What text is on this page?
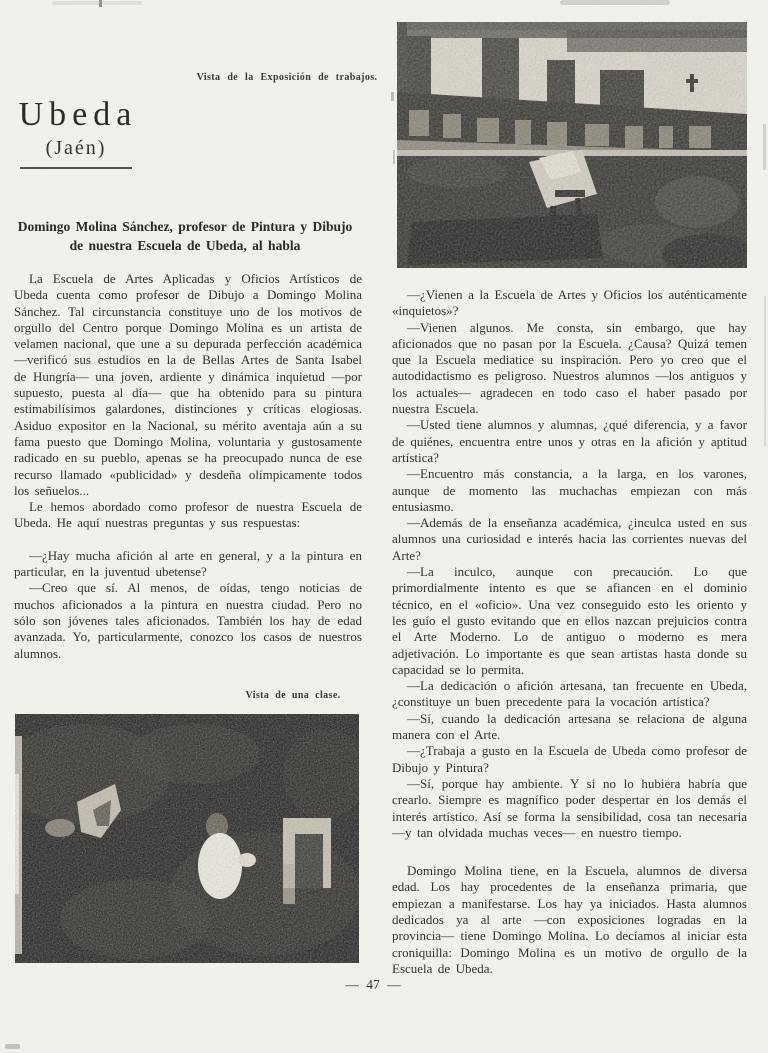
Vista de la Exposición de trabajos.
Ubeda
(Jaén)
Domingo Molina Sánchez, profesor de Pintura y Dibujo
de nuestra Escuela de Ubeda, al habla

La Escuela de Artes Aplicadas y Oficios Artísticos de Ubeda cuenta como profesor de Dibujo a Domingo Molina Sánchez. Tal circunstancia constituye uno de los motivos de orgullo del Centro porque Domingo Molina es un artista de velamen nacional, que une a su depurada perfección académica —verificó sus estudios en la de Bellas Artes de Santa Isabel de Hungría— una joven, ardiente y dinámica inquietud —por supuesto, puesta al día— que ha obtenido para su pintura estimabilísimos galardones, distinciones y críticas elogiosas. Asiduo expositor en la Nacional, su mérito aventaja aún a su fama puesto que Domingo Molina, voluntaria y gustosamente radicado en su pueblo, apenas se ha preocupado nunca de ese recurso llamado «publicidad» y desdeña olímpicamente todos los señuelos...

Le hemos abordado como profesor de nuestra Escuela de Ubeda. He aquí nuestras preguntas y sus respuestas:

—¿Hay mucha afición al arte en general, y a la pintura en particular, en la juventud ubetense?

—Creo que sí. Al menos, de oídas, tengo noticias de muchos aficionados a la pintura en nuestra ciudad. Pero no sólo son jóvenes tales aficionados. También los hay de edad avanzada. Yo, particularmente, conozco los casos de nuestros alumnos.

Vista de una clase.

—¿Vienen a la Escuela de Artes y Oficios los auténticamente «inquietos»?

—Vienen algunos. Me consta, sin embargo, que hay aficionados que no pasan por la Escuela. ¿Causa? Quizá temen que la Escuela mediatice su inspiración. Pero yo creo que el autodidactismo es peligroso. Nuestros alumnos —los antiguos y los actuales— agradecen en todo caso el haber pasado por nuestra Escuela.

—Usted tiene alumnos y alumnas, ¿qué diferencia, y a favor de quiénes, encuentra entre unos y otras en la afición y aptitud artística?

—Encuentro más constancia, a la larga, en los varones, aunque de momento las muchachas empiezan con más entusiasmo.

—Además de la enseñanza académica, ¿inculca usted en sus alumnos una curiosidad e interés hacia las corrientes nuevas del Arte?

—La inculco, aunque con precaución. Lo que primordialmente intento es que se afiancen en el dominio técnico, en el «oficio». Una vez conseguido esto les oriento y les guío el gusto evitando que en ellos nazcan prejuicios contra el Arte Moderno. Lo de antiguo o moderno es mera adjetivación. Lo importante es que sean artistas hasta donde su capacidad se lo permita.

—La dedicación o afición artesana, tan frecuente en Ubeda, ¿constituye un buen precedente para la vocación artística?

—Sí, cuando la dedicación artesana se relaciona de alguna manera con el Arte.

—¿Trabaja a gusto en la Escuela de Ubeda como profesor de Dibujo y Pintura?

—Sí, porque hay ambiente. Y si no lo hubiera habría que crearlo. Siempre es magnífico poder despertar en los demás el interés artístico. Así se forma la sensibilidad, cosa tan necesaria —y tan olvidada muchas veces— en nuestro tiempo.

Domingo Molina tiene, en la Escuela, alumnos de diversa edad. Los hay procedentes de la enseñanza primaria, que empiezan a manifestarse. Los hay ya iniciados. Hasta alumnos dedicados ya al arte —con exposiciones logradas en la provincia— tiene Domingo Molina. Lo decíamos al iniciar esta croniquilla: Domingo Molina es un motivo de orgullo de la Escuela de Ubeda.

— 47 —
